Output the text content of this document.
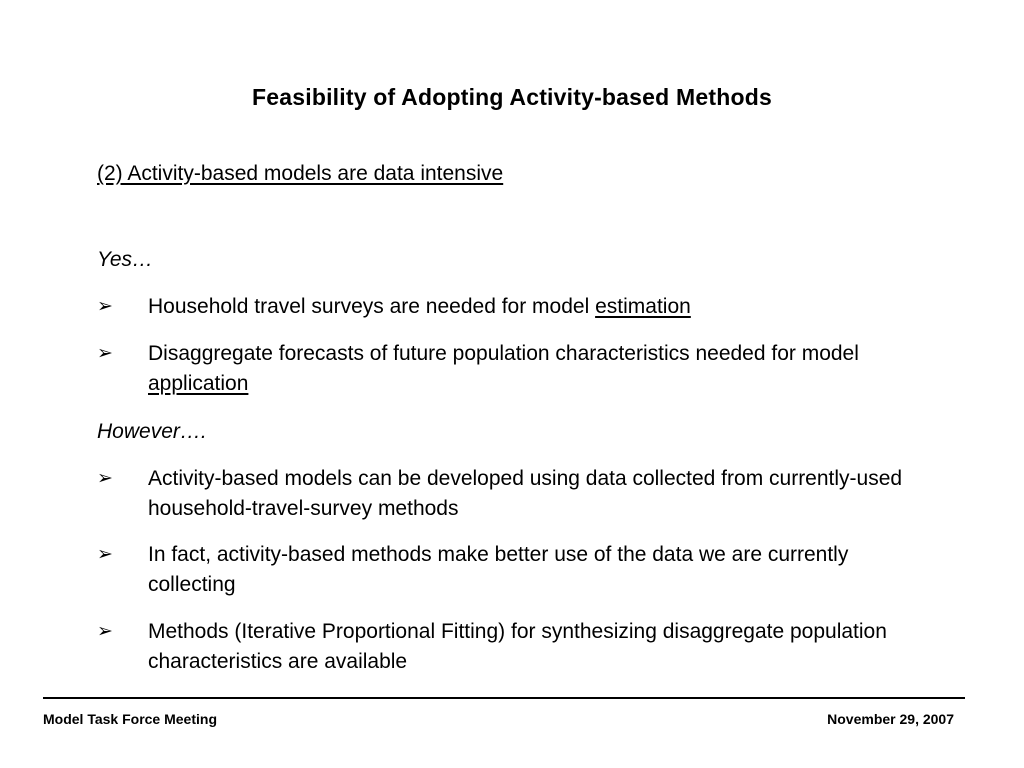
Feasibility of Adopting Activity-based Methods
(2) Activity-based models are data intensive
Yes…
➢ Household travel surveys are needed for model estimation
➢ Disaggregate forecasts of future population characteristics needed for model application
However….
➢ Activity-based models can be developed using data collected from currently-used household-travel-survey methods
➢ In fact, activity-based methods make better use of the data we are currently collecting
➢ Methods (Iterative Proportional Fitting) for synthesizing disaggregate population characteristics are available
Model Task Force Meeting	November 29, 2007
